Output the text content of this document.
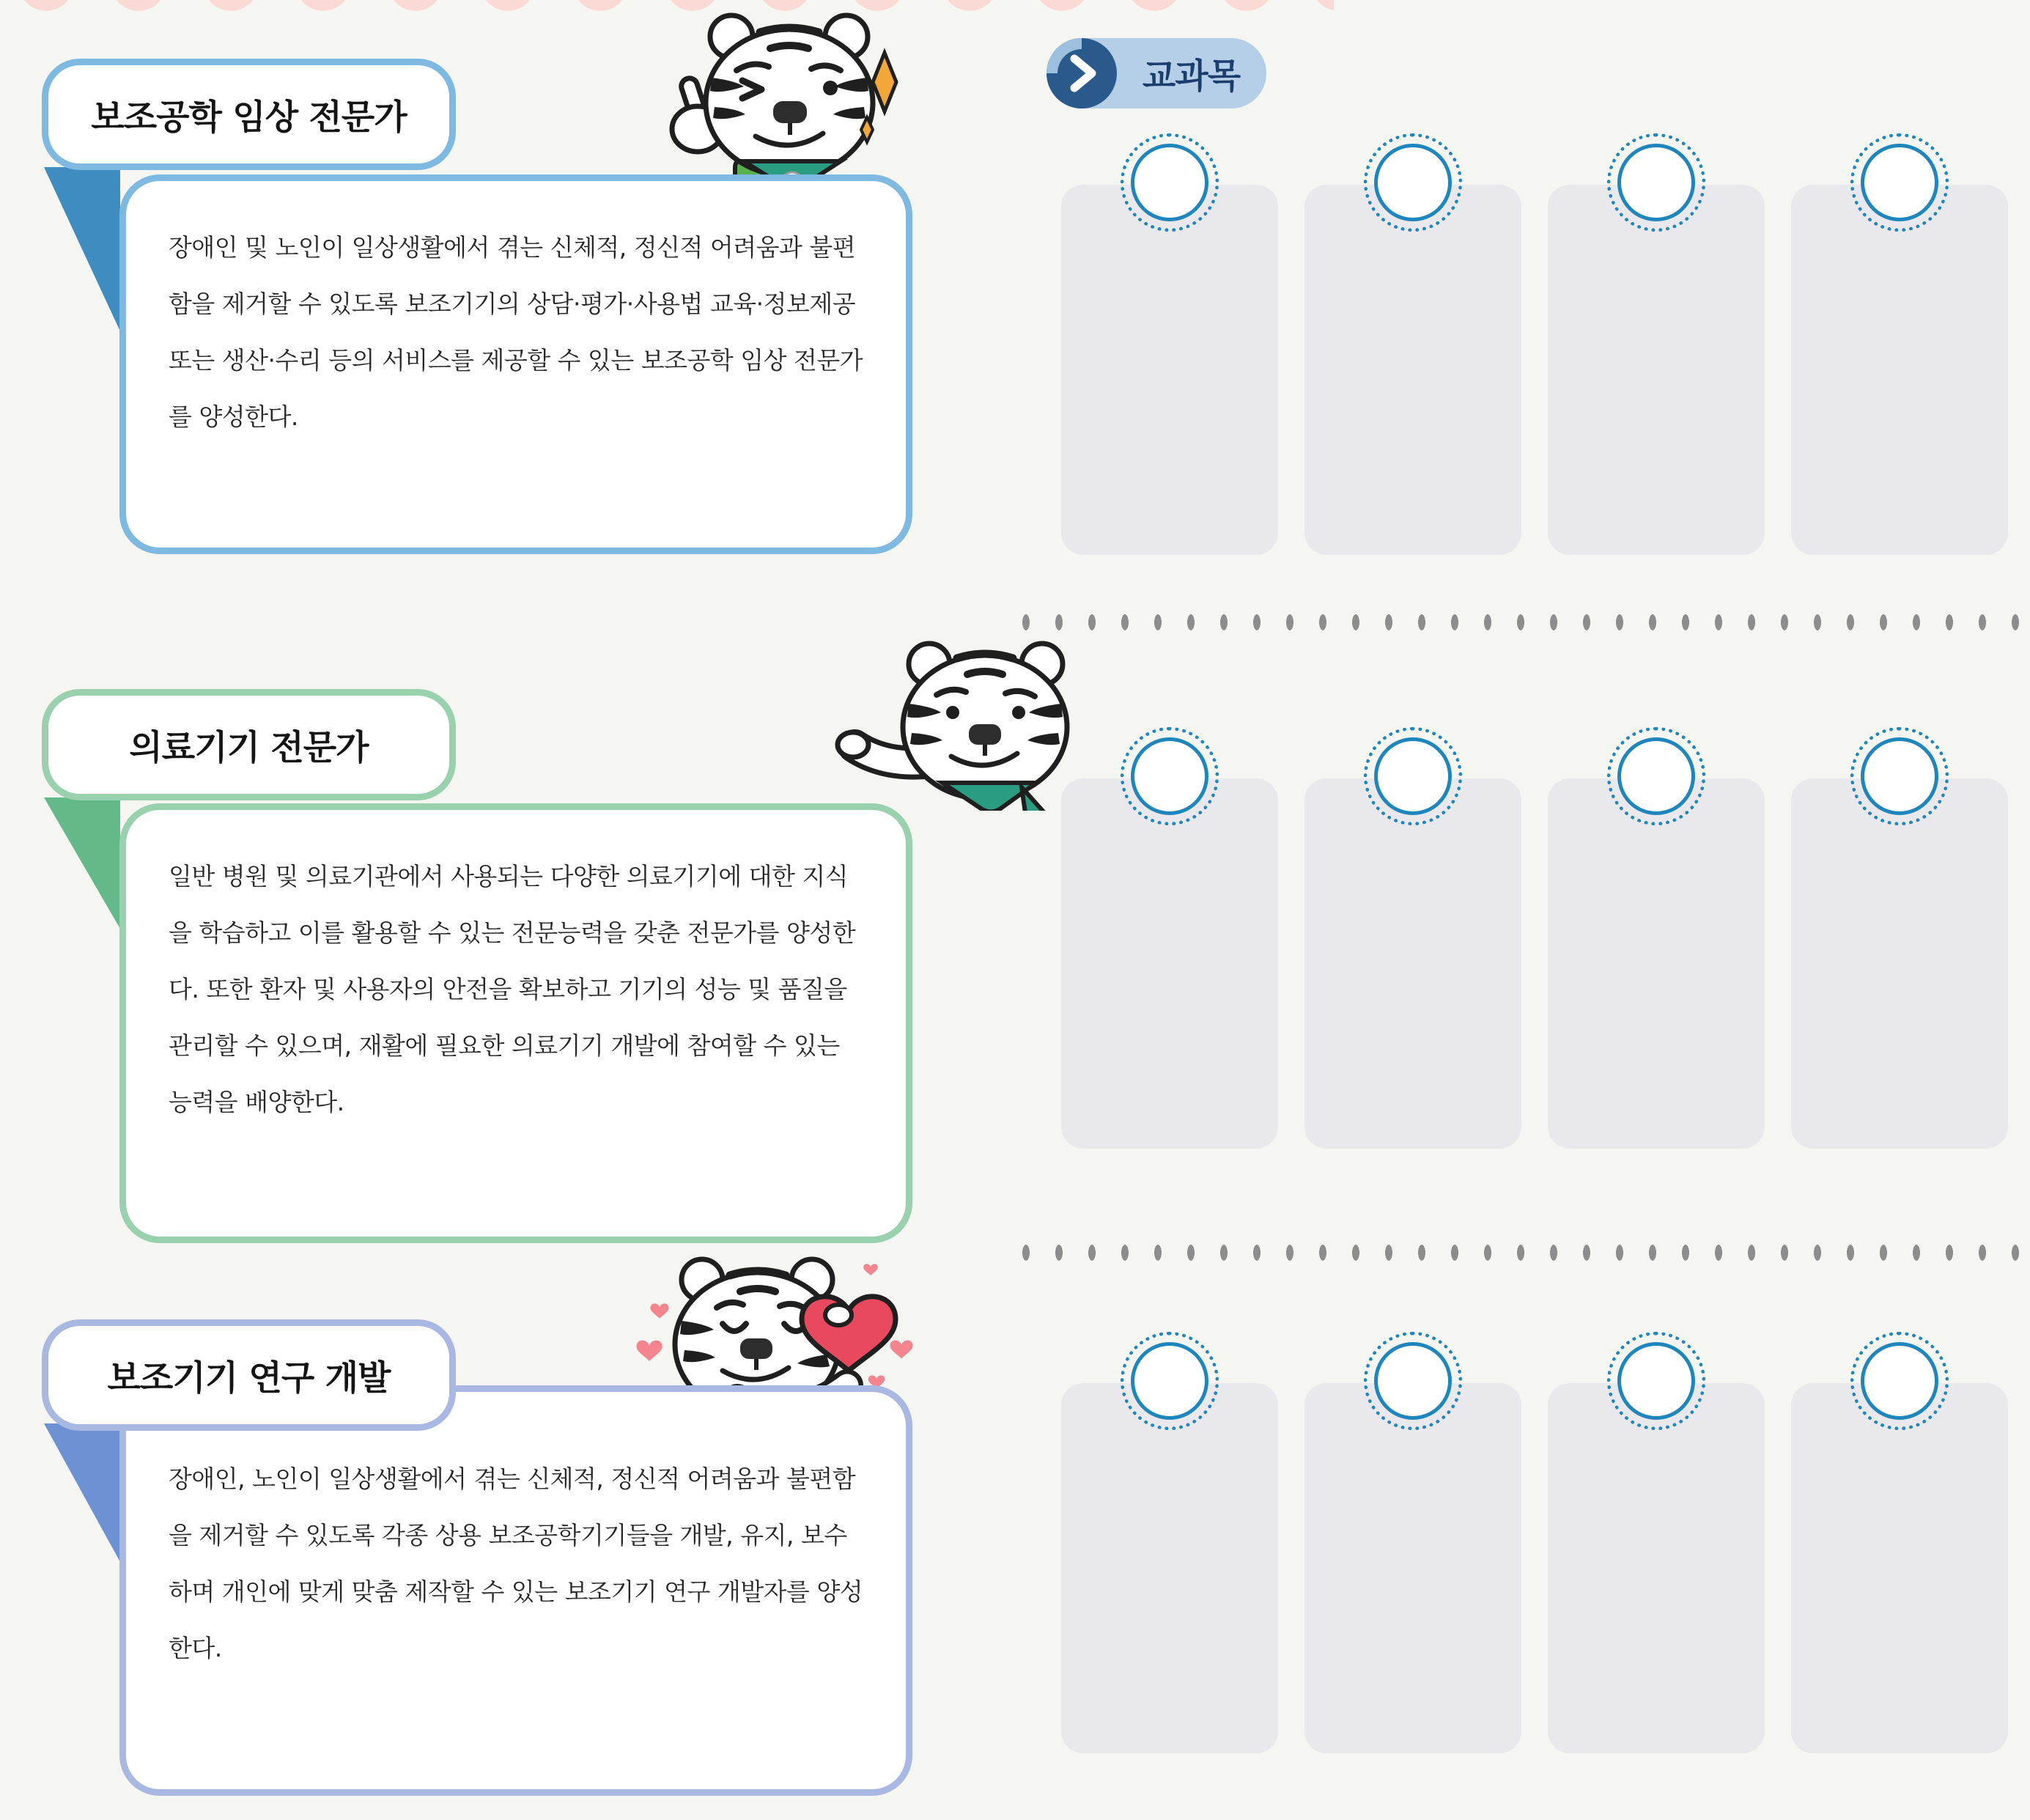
장애인 및 노인이 일상생활에서 겪는 신체적, 정신적 어려움과 불편함을 제거할 수 있도록 보조기기의 상담·평가·사용법 교육·정보제공 또는 생산·수리 등의 서비스를 제공할 수 있는 보조공학 임상 전문가를 양성한다.

보조공학 임상 전문가

일반 병원 및 의료기관에서 사용되는 다양한 의료기기에 대한 지식을 학습하고 이를 활용할 수 있는 전문능력을 갖춘 전문가를 양성한다. 또한 환자 및 사용자의 안전을 확보하고 기기의 성능 및 품질을 관리할 수 있으며, 재활에 필요한 의료기기 개발에 참여할 수 있는 능력을 배양한다.

의료기기 전문가

장애인, 노인이 일상생활에서 겪는 신체적, 정신적 어려움과 불편함을 제거할 수 있도록 각종 상용 보조공학기기들을 개발, 유지, 보수하며 개인에 맞게 맞춤 제작할 수 있는 보조기기 연구 개발자를 양성한다.

보조기기 연구 개발
교과목
